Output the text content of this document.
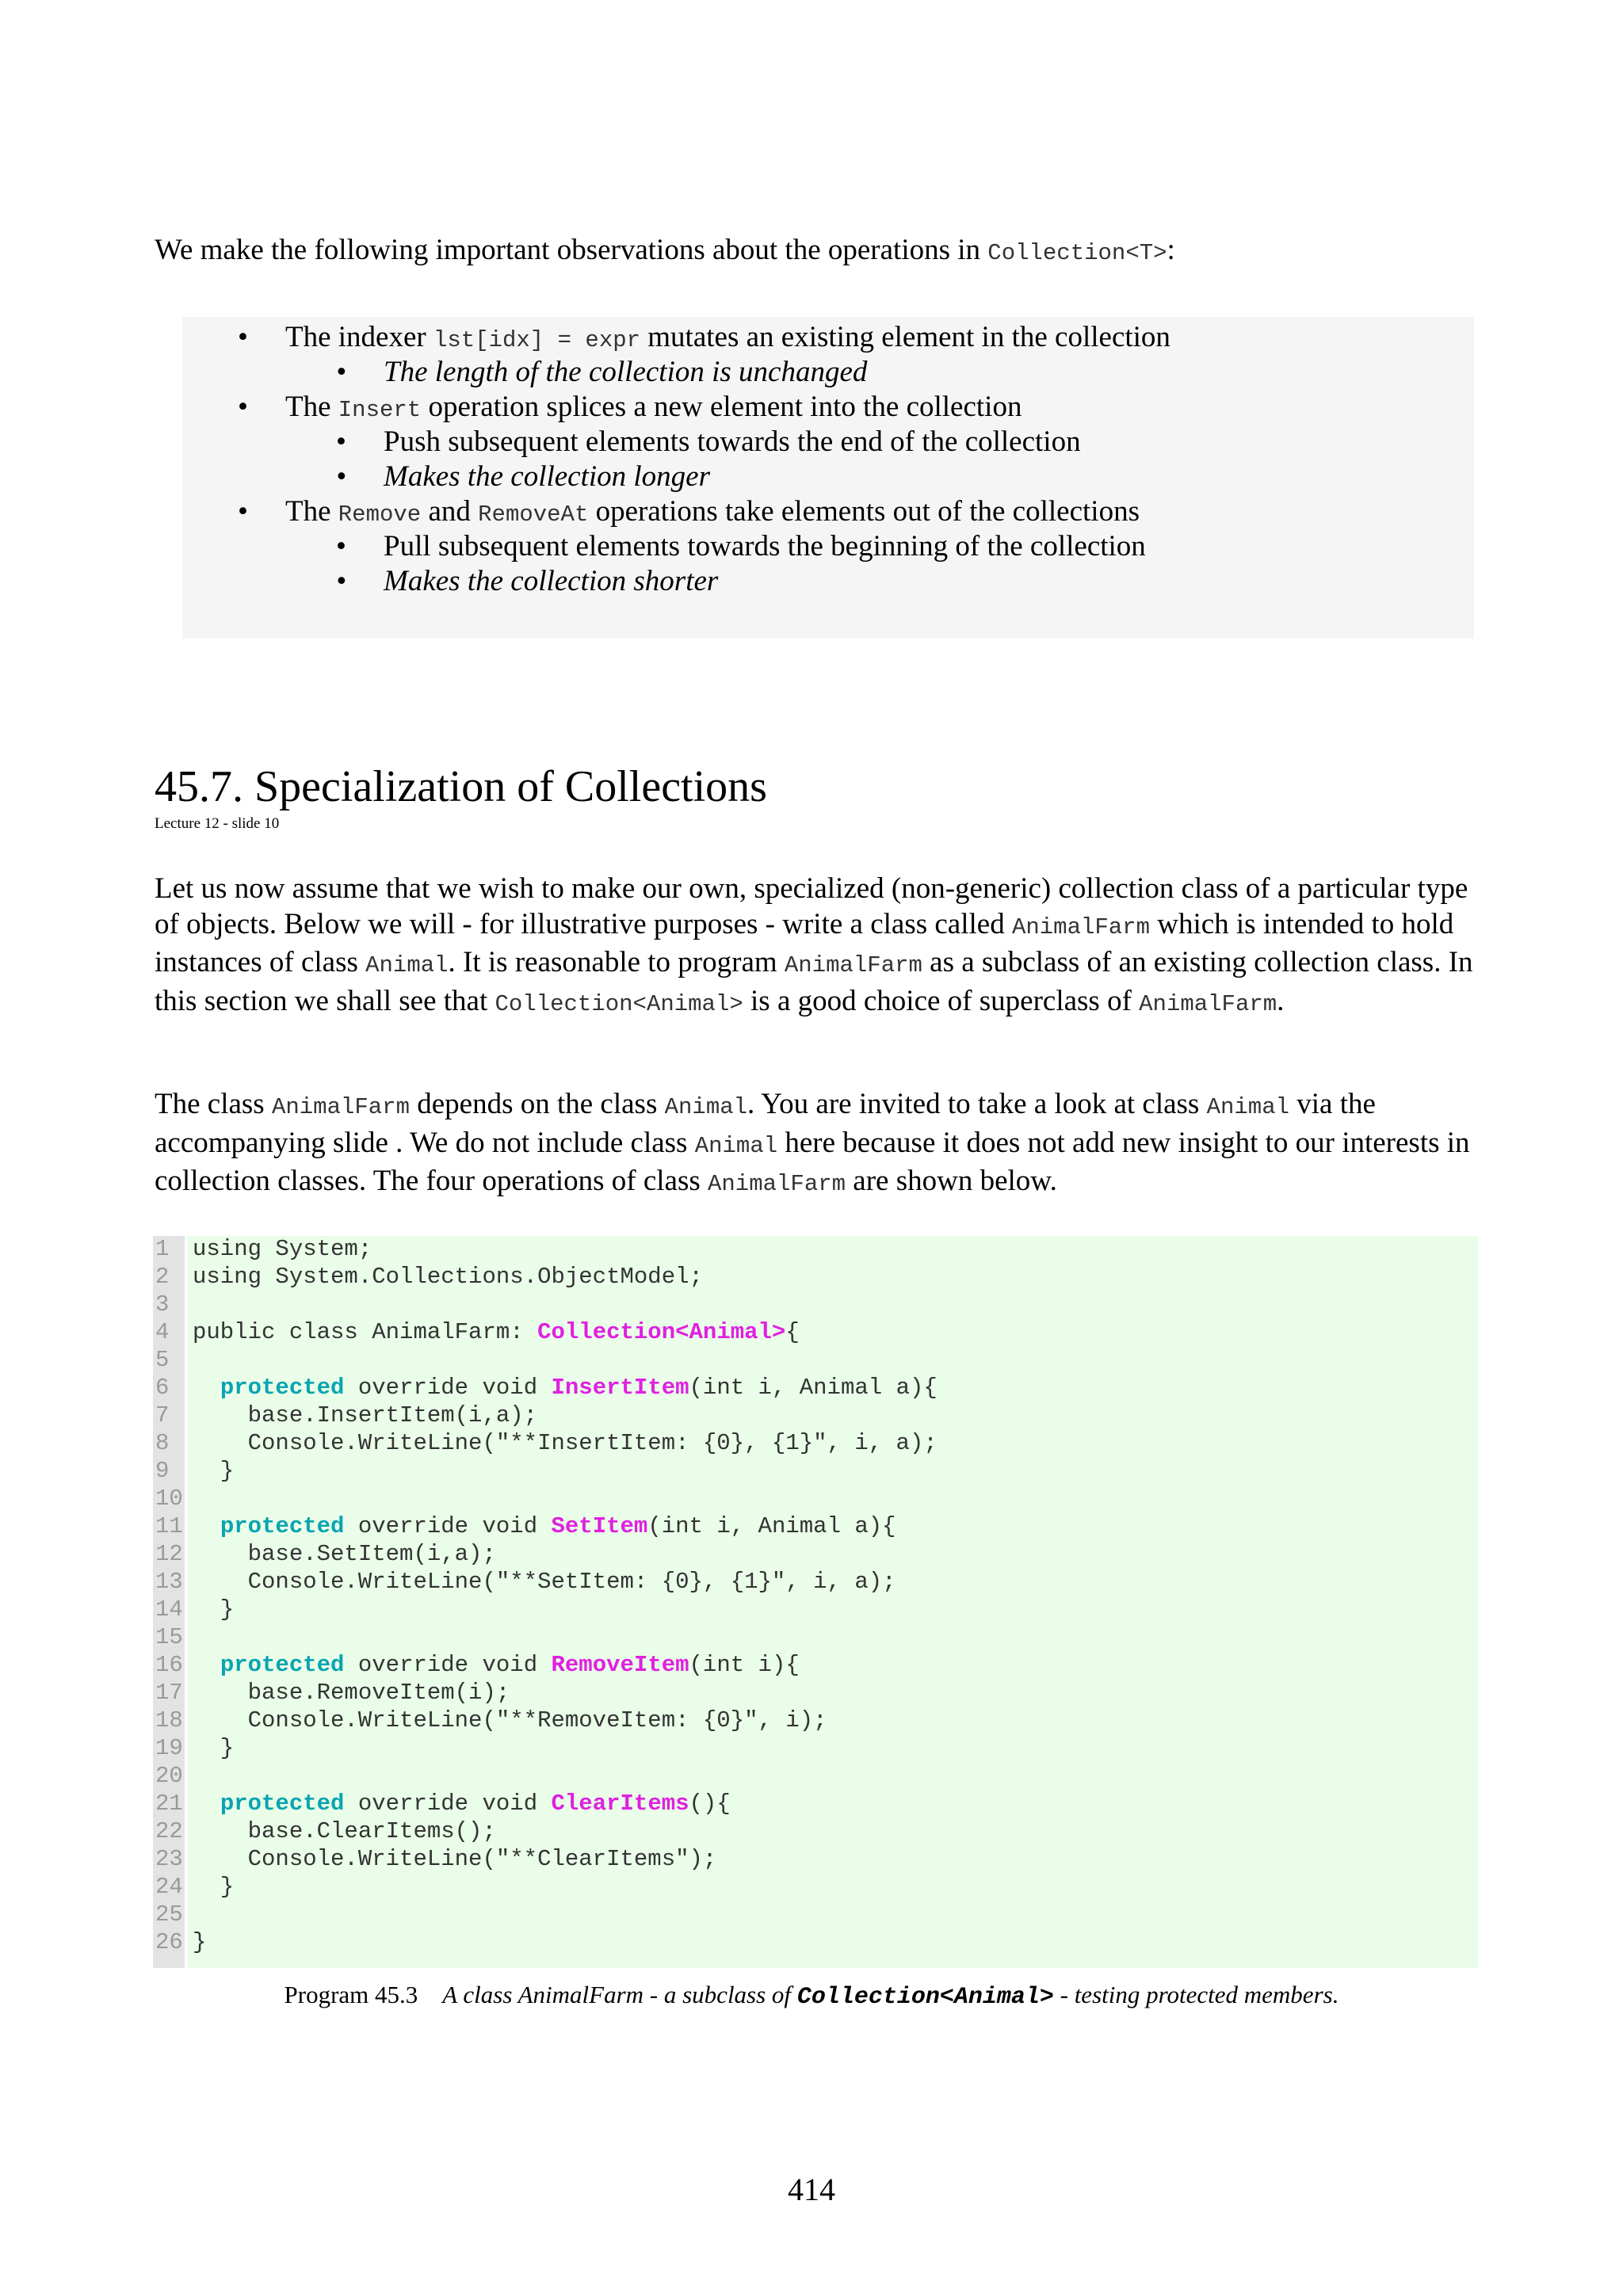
We make the following important observations about the operations in Collection<T>:
• The indexer lst[idx] = expr mutates an existing element in the collection
• The length of the collection is unchanged
• The Insert operation splices a new element into the collection
• Push subsequent elements towards the end of the collection
• Makes the collection longer
• The Remove and RemoveAt operations take elements out of the collections
• Pull subsequent elements towards the beginning of the collection
• Makes the collection shorter
45.7. Specialization of Collections
Lecture 12 - slide 10
Let us now assume that we wish to make our own, specialized (non-generic) collection class of a particular type of objects. Below we will - for illustrative purposes - write a class called AnimalFarm which is intended to hold instances of class Animal. It is reasonable to program AnimalFarm as a subclass of an existing collection class. In this section we shall see that Collection<Animal> is a good choice of superclass of AnimalFarm.
The class AnimalFarm depends on the class Animal. You are invited to take a look at class Animal via the accompanying slide . We do not include class Animal here because it does not add new insight to our interests in collection classes. The four operations of class AnimalFarm are shown below.
1
2
3
4
5
6
7
8
9
10
11
12
13
14
15
16
17
18
19
20
21
22
23
24
25
26
using System;
using System.Collections.ObjectModel;
public class AnimalFarm: Collection<Animal>{
protected override void InsertItem(int i, Animal a){
base.InsertItem(i,a);
Console.WriteLine("**InsertItem: {0}, {1}", i, a);
}
protected override void SetItem(int i, Animal a){
base.SetItem(i,a);
Console.WriteLine("**SetItem: {0}, {1}", i, a);
}
protected override void RemoveItem(int i){
base.RemoveItem(i);
Console.WriteLine("**RemoveItem: {0}", i);
}
protected override void ClearItems(){
base.ClearItems();
Console.WriteLine("**ClearItems");
}
}
Program 45.3 A class AnimalFarm - a subclass of Collection<Animal> - testing protected members.
414
